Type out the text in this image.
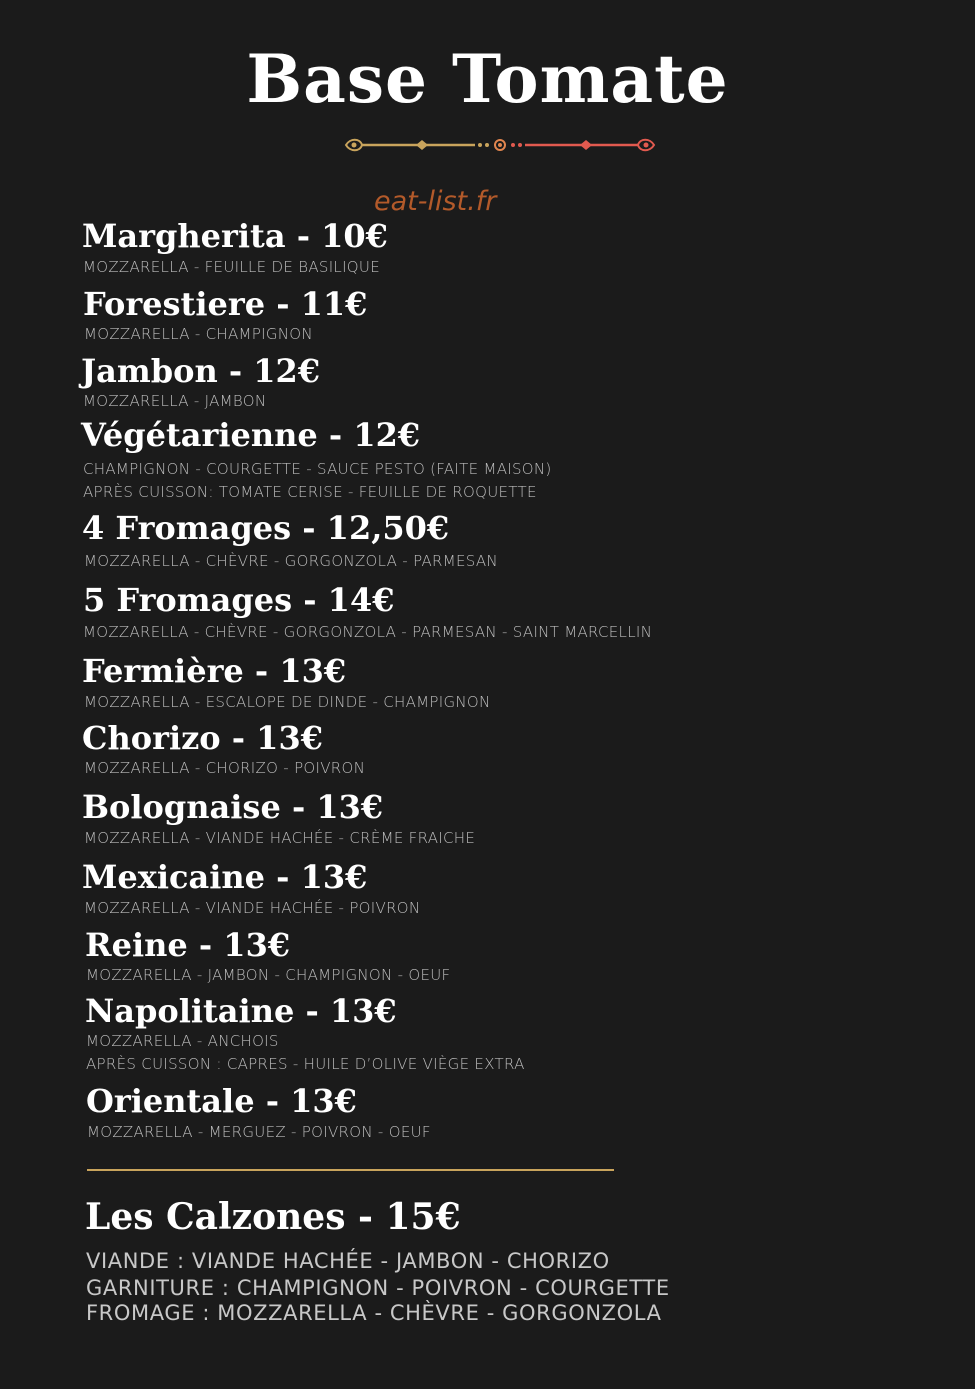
Base Tomate
eat-list.fr
Margherita - 10€
MOZZARELLA - FEUILLE DE BASILIQUE
Forestiere - 11€
MOZZARELLA - CHAMPIGNON
Jambon - 12€
MOZZARELLA - JAMBON
Végétarienne - 12€
CHAMPIGNON - COURGETTE - SAUCE PESTO (FAITE MAISON)
APRÈS CUISSON: TOMATE CERISE - FEUILLE DE ROQUETTE
4 Fromages - 12,50€
MOZZARELLA - CHÈVRE - GORGONZOLA - PARMESAN
5 Fromages - 14€
MOZZARELLA - CHÈVRE - GORGONZOLA - PARMESAN - SAINT MARCELLIN
Fermière - 13€
MOZZARELLA - ESCALOPE DE DINDE - CHAMPIGNON
Chorizo - 13€
MOZZARELLA - CHORIZO - POIVRON
Bolognaise - 13€
MOZZARELLA - VIANDE HACHÉE - CRÈME FRAICHE
Mexicaine - 13€
MOZZARELLA - VIANDE HACHÉE - POIVRON
Reine - 13€
MOZZARELLA - JAMBON - CHAMPIGNON - OEUF
Napolitaine - 13€
MOZZARELLA - ANCHOIS
APRÈS CUISSON : CAPRES - HUILE D’OLIVE VIÈGE EXTRA
Orientale - 13€
MOZZARELLA - MERGUEZ - POIVRON - OEUF
Les Calzones - 15€
VIANDE : VIANDE HACHÉE - JAMBON - CHORIZO
GARNITURE : CHAMPIGNON - POIVRON - COURGETTE
FROMAGE : MOZZARELLA - CHÈVRE - GORGONZOLA
